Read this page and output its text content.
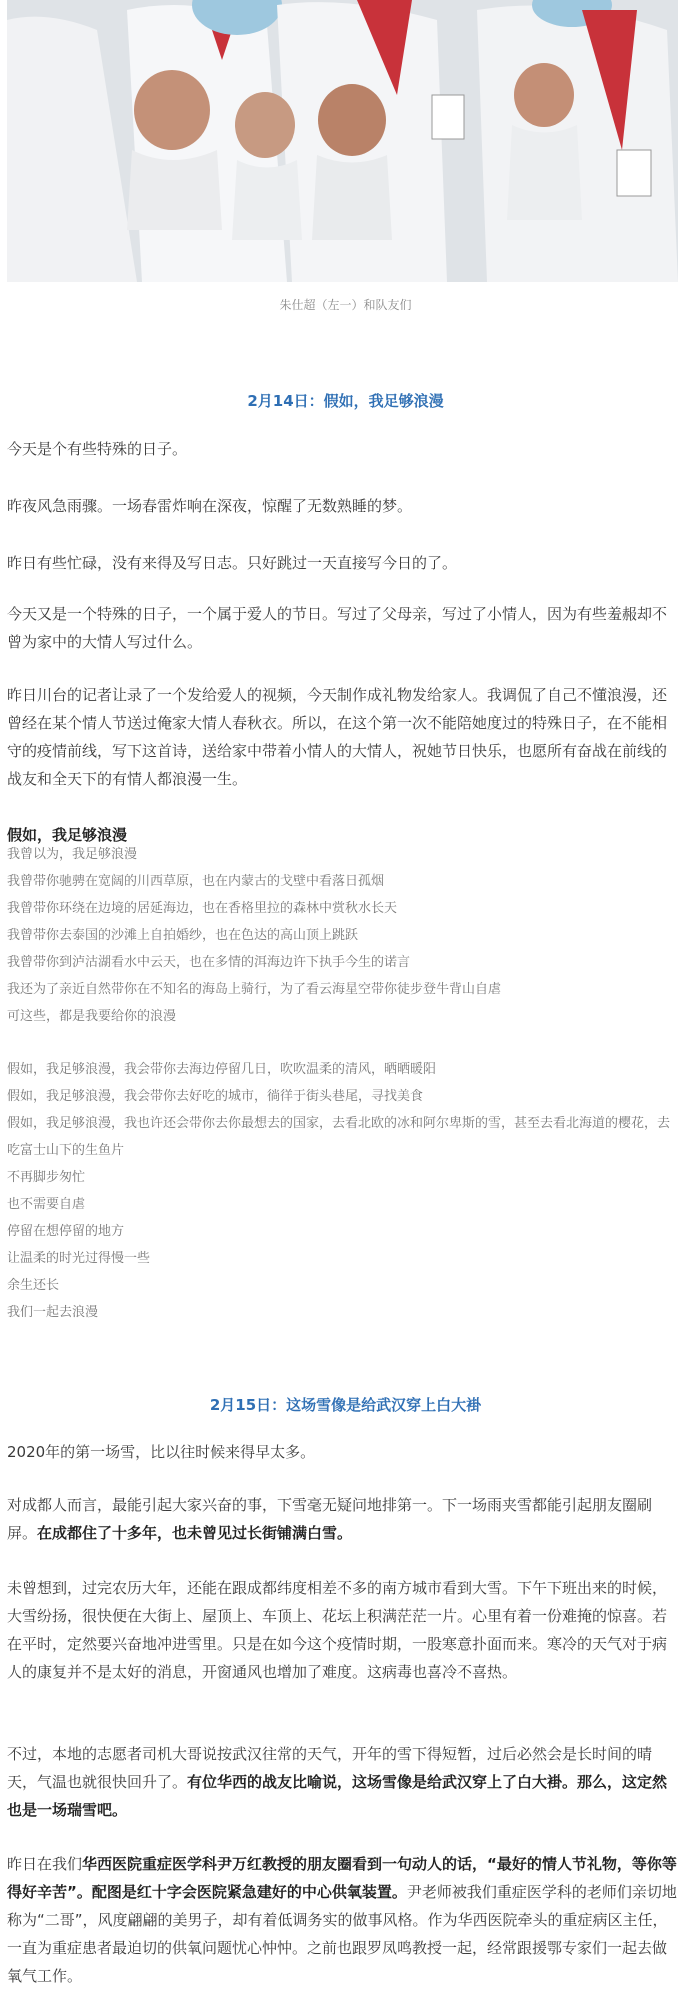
朱仕超（左一）和队友们
2月14日：假如，我足够浪漫

今天是个有些特殊的日子。

昨夜风急雨骤。一场春雷炸响在深夜，惊醒了无数熟睡的梦。

昨日有些忙碌，没有来得及写日志。只好跳过一天直接写今日的了。

今天又是一个特殊的日子，一个属于爱人的节日。写过了父母亲，写过了小情人，因为有些羞赧却不曾为家中的大情人写过什么。

昨日川台的记者让录了一个发给爱人的视频，今天制作成礼物发给家人。我调侃了自己不懂浪漫，还曾经在某个情人节送过俺家大情人春秋衣。所以，在这个第一次不能陪她度过的特殊日子，在不能相守的疫情前线，写下这首诗，送给家中带着小情人的大情人，祝她节日快乐，也愿所有奋战在前线的战友和全天下的有情人都浪漫一生。

假如，我足够浪漫
我曾以为，我足够浪漫
我曾带你驰骋在宽阔的川西草原，也在内蒙古的戈壁中看落日孤烟
我曾带你环绕在边境的居延海边，也在香格里拉的森林中赏秋水长天
我曾带你去泰国的沙滩上自拍婚纱，也在色达的高山顶上跳跃
我曾带你到泸沽湖看水中云天，也在多情的洱海边许下执手今生的诺言
我还为了亲近自然带你在不知名的海岛上骑行，为了看云海星空带你徒步登牛背山自虐
可这些，都是我要给你的浪漫
假如，我足够浪漫，我会带你去海边停留几日，吹吹温柔的清风，晒晒暖阳
假如，我足够浪漫，我会带你去好吃的城市，徜徉于街头巷尾，寻找美食
假如，我足够浪漫，我也许还会带你去你最想去的国家，去看北欧的冰和阿尔卑斯的雪，甚至去看北海道的樱花，去吃富士山下的生鱼片
不再脚步匆忙
也不需要自虐
停留在想停留的地方
让温柔的时光过得慢一些
余生还长
我们一起去浪漫
2月15日：这场雪像是给武汉穿上白大褂

2020年的第一场雪，比以往时候来得早太多。

对成都人而言，最能引起大家兴奋的事，下雪毫无疑问地排第一。下一场雨夹雪都能引起朋友圈刷屏。在成都住了十多年，也未曾见过长街铺满白雪。

未曾想到，过完农历大年，还能在跟成都纬度相差不多的南方城市看到大雪。下午下班出来的时候，大雪纷扬，很快便在大街上、屋顶上、车顶上、花坛上积满茫茫一片。心里有着一份难掩的惊喜。若在平时，定然要兴奋地冲进雪里。只是在如今这个疫情时期，一股寒意扑面而来。寒冷的天气对于病人的康复并不是太好的消息，开窗通风也增加了难度。这病毒也喜冷不喜热。

不过，本地的志愿者司机大哥说按武汉往常的天气，开年的雪下得短暂，过后必然会是长时间的晴天，气温也就很快回升了。有位华西的战友比喻说，这场雪像是给武汉穿上了白大褂。那么，这定然也是一场瑞雪吧。

昨日在我们华西医院重症医学科尹万红教授的朋友圈看到一句动人的话，“最好的情人节礼物，等你等得好辛苦”。配图是红十字会医院紧急建好的中心供氧装置。尹老师被我们重症医学科的老师们亲切地称为“二哥”，风度翩翩的美男子，却有着低调务实的做事风格。作为华西医院牵头的重症病区主任，一直为重症患者最迫切的供氧问题忧心忡忡。之前也跟罗凤鸣教授一起，经常跟援鄂专家们一起去做氧气工作。
